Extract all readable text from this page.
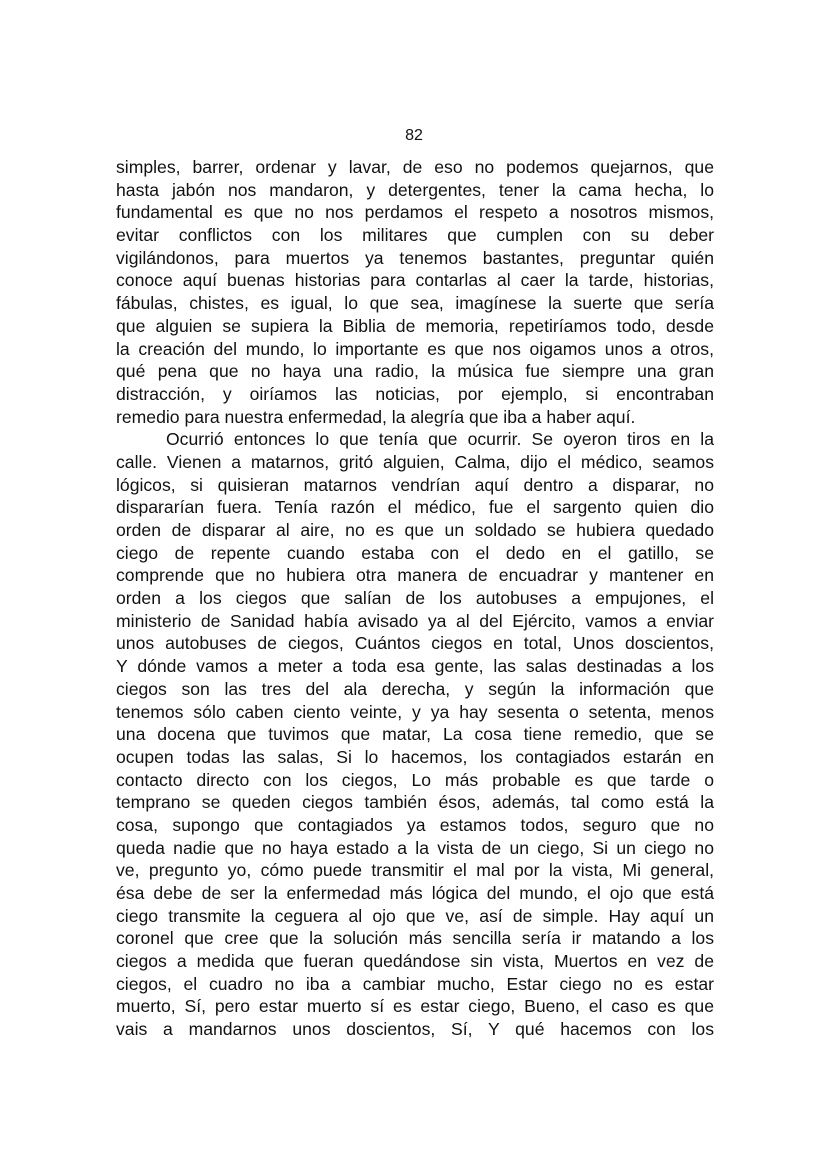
82
simples, barrer, ordenar y lavar, de eso no podemos quejarnos, que
hasta jabón nos mandaron, y detergentes, tener la cama hecha, lo
fundamental es que no nos perdamos el respeto a nosotros mismos,
evitar conflictos con los militares que cumplen con su deber
vigilándonos, para muertos ya tenemos bastantes, preguntar quién
conoce aquí buenas historias para contarlas al caer la tarde, historias,
fábulas, chistes, es igual, lo que sea, imagínese la suerte que sería
que alguien se supiera la Biblia de memoria, repetiríamos todo, desde
la creación del mundo, lo importante es que nos oigamos unos a otros,
qué pena que no haya una radio, la música fue siempre una gran
distracción, y oiríamos las noticias, por ejemplo, si encontraban
remedio para nuestra enfermedad, la alegría que iba a haber aquí.
Ocurrió entonces lo que tenía que ocurrir. Se oyeron tiros en la
calle. Vienen a matarnos, gritó alguien, Calma, dijo el médico, seamos
lógicos, si quisieran matarnos vendrían aquí dentro a disparar, no
dispararían fuera. Tenía razón el médico, fue el sargento quien dio
orden de disparar al aire, no es que un soldado se hubiera quedado
ciego de repente cuando estaba con el dedo en el gatillo, se
comprende que no hubiera otra manera de encuadrar y mantener en
orden a los ciegos que salían de los autobuses a empujones, el
ministerio de Sanidad había avisado ya al del Ejército, vamos a enviar
unos autobuses de ciegos, Cuántos ciegos en total, Unos doscientos,
Y dónde vamos a meter a toda esa gente, las salas destinadas a los
ciegos son las tres del ala derecha, y según la información que
tenemos sólo caben ciento veinte, y ya hay sesenta o setenta, menos
una docena que tuvimos que matar, La cosa tiene remedio, que se
ocupen todas las salas, Si lo hacemos, los contagiados estarán en
contacto directo con los ciegos, Lo más probable es que tarde o
temprano se queden ciegos también ésos, además, tal como está la
cosa, supongo que contagiados ya estamos todos, seguro que no
queda nadie que no haya estado a la vista de un ciego, Si un ciego no
ve, pregunto yo, cómo puede transmitir el mal por la vista, Mi general,
ésa debe de ser la enfermedad más lógica del mundo, el ojo que está
ciego transmite la ceguera al ojo que ve, así de simple. Hay aquí un
coronel que cree que la solución más sencilla sería ir matando a los
ciegos a medida que fueran quedándose sin vista, Muertos en vez de
ciegos, el cuadro no iba a cambiar mucho, Estar ciego no es estar
muerto, Sí, pero estar muerto sí es estar ciego, Bueno, el caso es que
vais a mandarnos unos doscientos, Sí, Y qué hacemos con los
